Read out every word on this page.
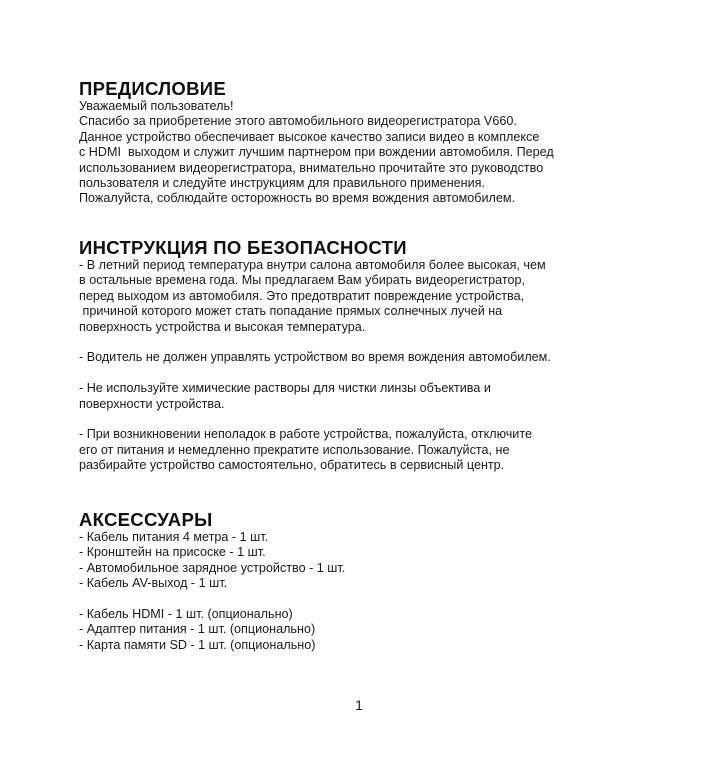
ПРЕДИСЛОВИЕ

Уважаемый пользователь!

Спасибо за приобретение этого автомобильного видеорегистратора V660.

Данное устройство обеспечивает высокое качество записи видео в комплексе

с HDMI  выходом и служит лучшим партнером при вождении автомобиля. Перед

использованием видеорегистратора, внимательно прочитайте это руководство

пользователя и следуйте инструкциям для правильного применения.

Пожалуйста, соблюдайте осторожность во время вождения автомобилем.

ИНСТРУКЦИЯ ПО БЕЗОПАСНОСТИ

- В летний период температура внутри салона автомобиля более высокая, чем

в остальные времена года. Мы предлагаем Вам убирать видеорегистратор,

перед выходом из автомобиля. Это предотвратит повреждение устройства,

причиной которого может стать попадание прямых солнечных лучей на

поверхность устройства и высокая температура.

- Водитель не должен управлять устройством во время вождения автомобилем.

- Не используйте химические растворы для чистки линзы объектива и

поверхности устройства.

- При возникновении неполадок в работе устройства, пожалуйста, отключите

его от питания и немедленно прекратите использование. Пожалуйста, не

разбирайте устройство самостоятельно, обратитесь в сервисный центр.

АКСЕССУАРЫ

- Кабель питания 4 метра - 1 шт.

- Кронштейн на присоске - 1 шт.

- Автомобильное зарядное устройство - 1 шт.

- Кабель AV-выход - 1 шт.

- Кабель HDMI - 1 шт. (опционально)

- Адаптер питания - 1 шт. (опционально)

- Карта памяти SD - 1 шт. (опционально)

1
